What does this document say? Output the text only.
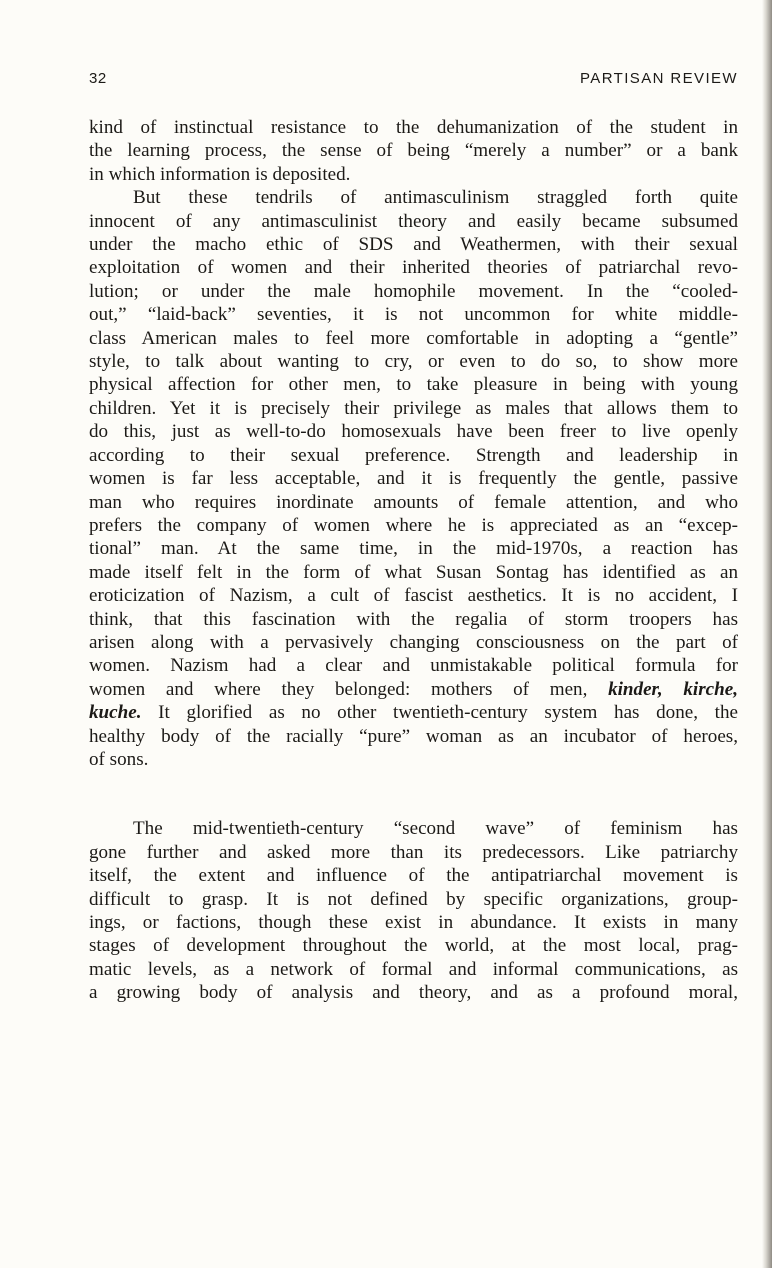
32	PARTISAN REVIEW

kind of instinctual resistance to the dehumanization of the student in
the learning process, the sense of being “merely a number” or a bank
in which information is deposited.

But these tendrils of antimasculinism straggled forth quite
innocent of any antimasculinist theory and easily became subsumed
under the macho ethic of SDS and Weathermen, with their sexual
exploitation of women and their inherited theories of patriarchal revo-
lution; or under the male homophile movement. In the “cooled-
out,” “laid-back” seventies, it is not uncommon for white middle-
class American males to feel more comfortable in adopting a “gentle”
style, to talk about wanting to cry, or even to do so, to show more
physical affection for other men, to take pleasure in being with young
children. Yet it is precisely their privilege as males that allows them to
do this, just as well-to-do homosexuals have been freer to live openly
according to their sexual preference. Strength and leadership in
women is far less acceptable, and it is frequently the gentle, passive
man who requires inordinate amounts of female attention, and who
prefers the company of women where he is appreciated as an “excep-
tional” man. At the same time, in the mid-1970s, a reaction has
made itself felt in the form of what Susan Sontag has identified as an
eroticization of Nazism, a cult of fascist aesthetics. It is no accident, I
think, that this fascination with the regalia of storm troopers has
arisen along with a pervasively changing consciousness on the part of
women. Nazism had a clear and unmistakable political formula for
women and where they belonged: mothers of men, kinder, kirche,
kuche. It glorified as no other twentieth-century system has done, the
healthy body of the racially “pure” woman as an incubator of heroes,
of sons.

The mid-twentieth-century “second wave” of feminism has
gone further and asked more than its predecessors. Like patriarchy
itself, the extent and influence of the antipatriarchal movement is
difficult to grasp. It is not defined by specific organizations, group-
ings, or factions, though these exist in abundance. It exists in many
stages of development throughout the world, at the most local, prag-
matic levels, as a network of formal and informal communications, as
a growing body of analysis and theory, and as a profound moral,
